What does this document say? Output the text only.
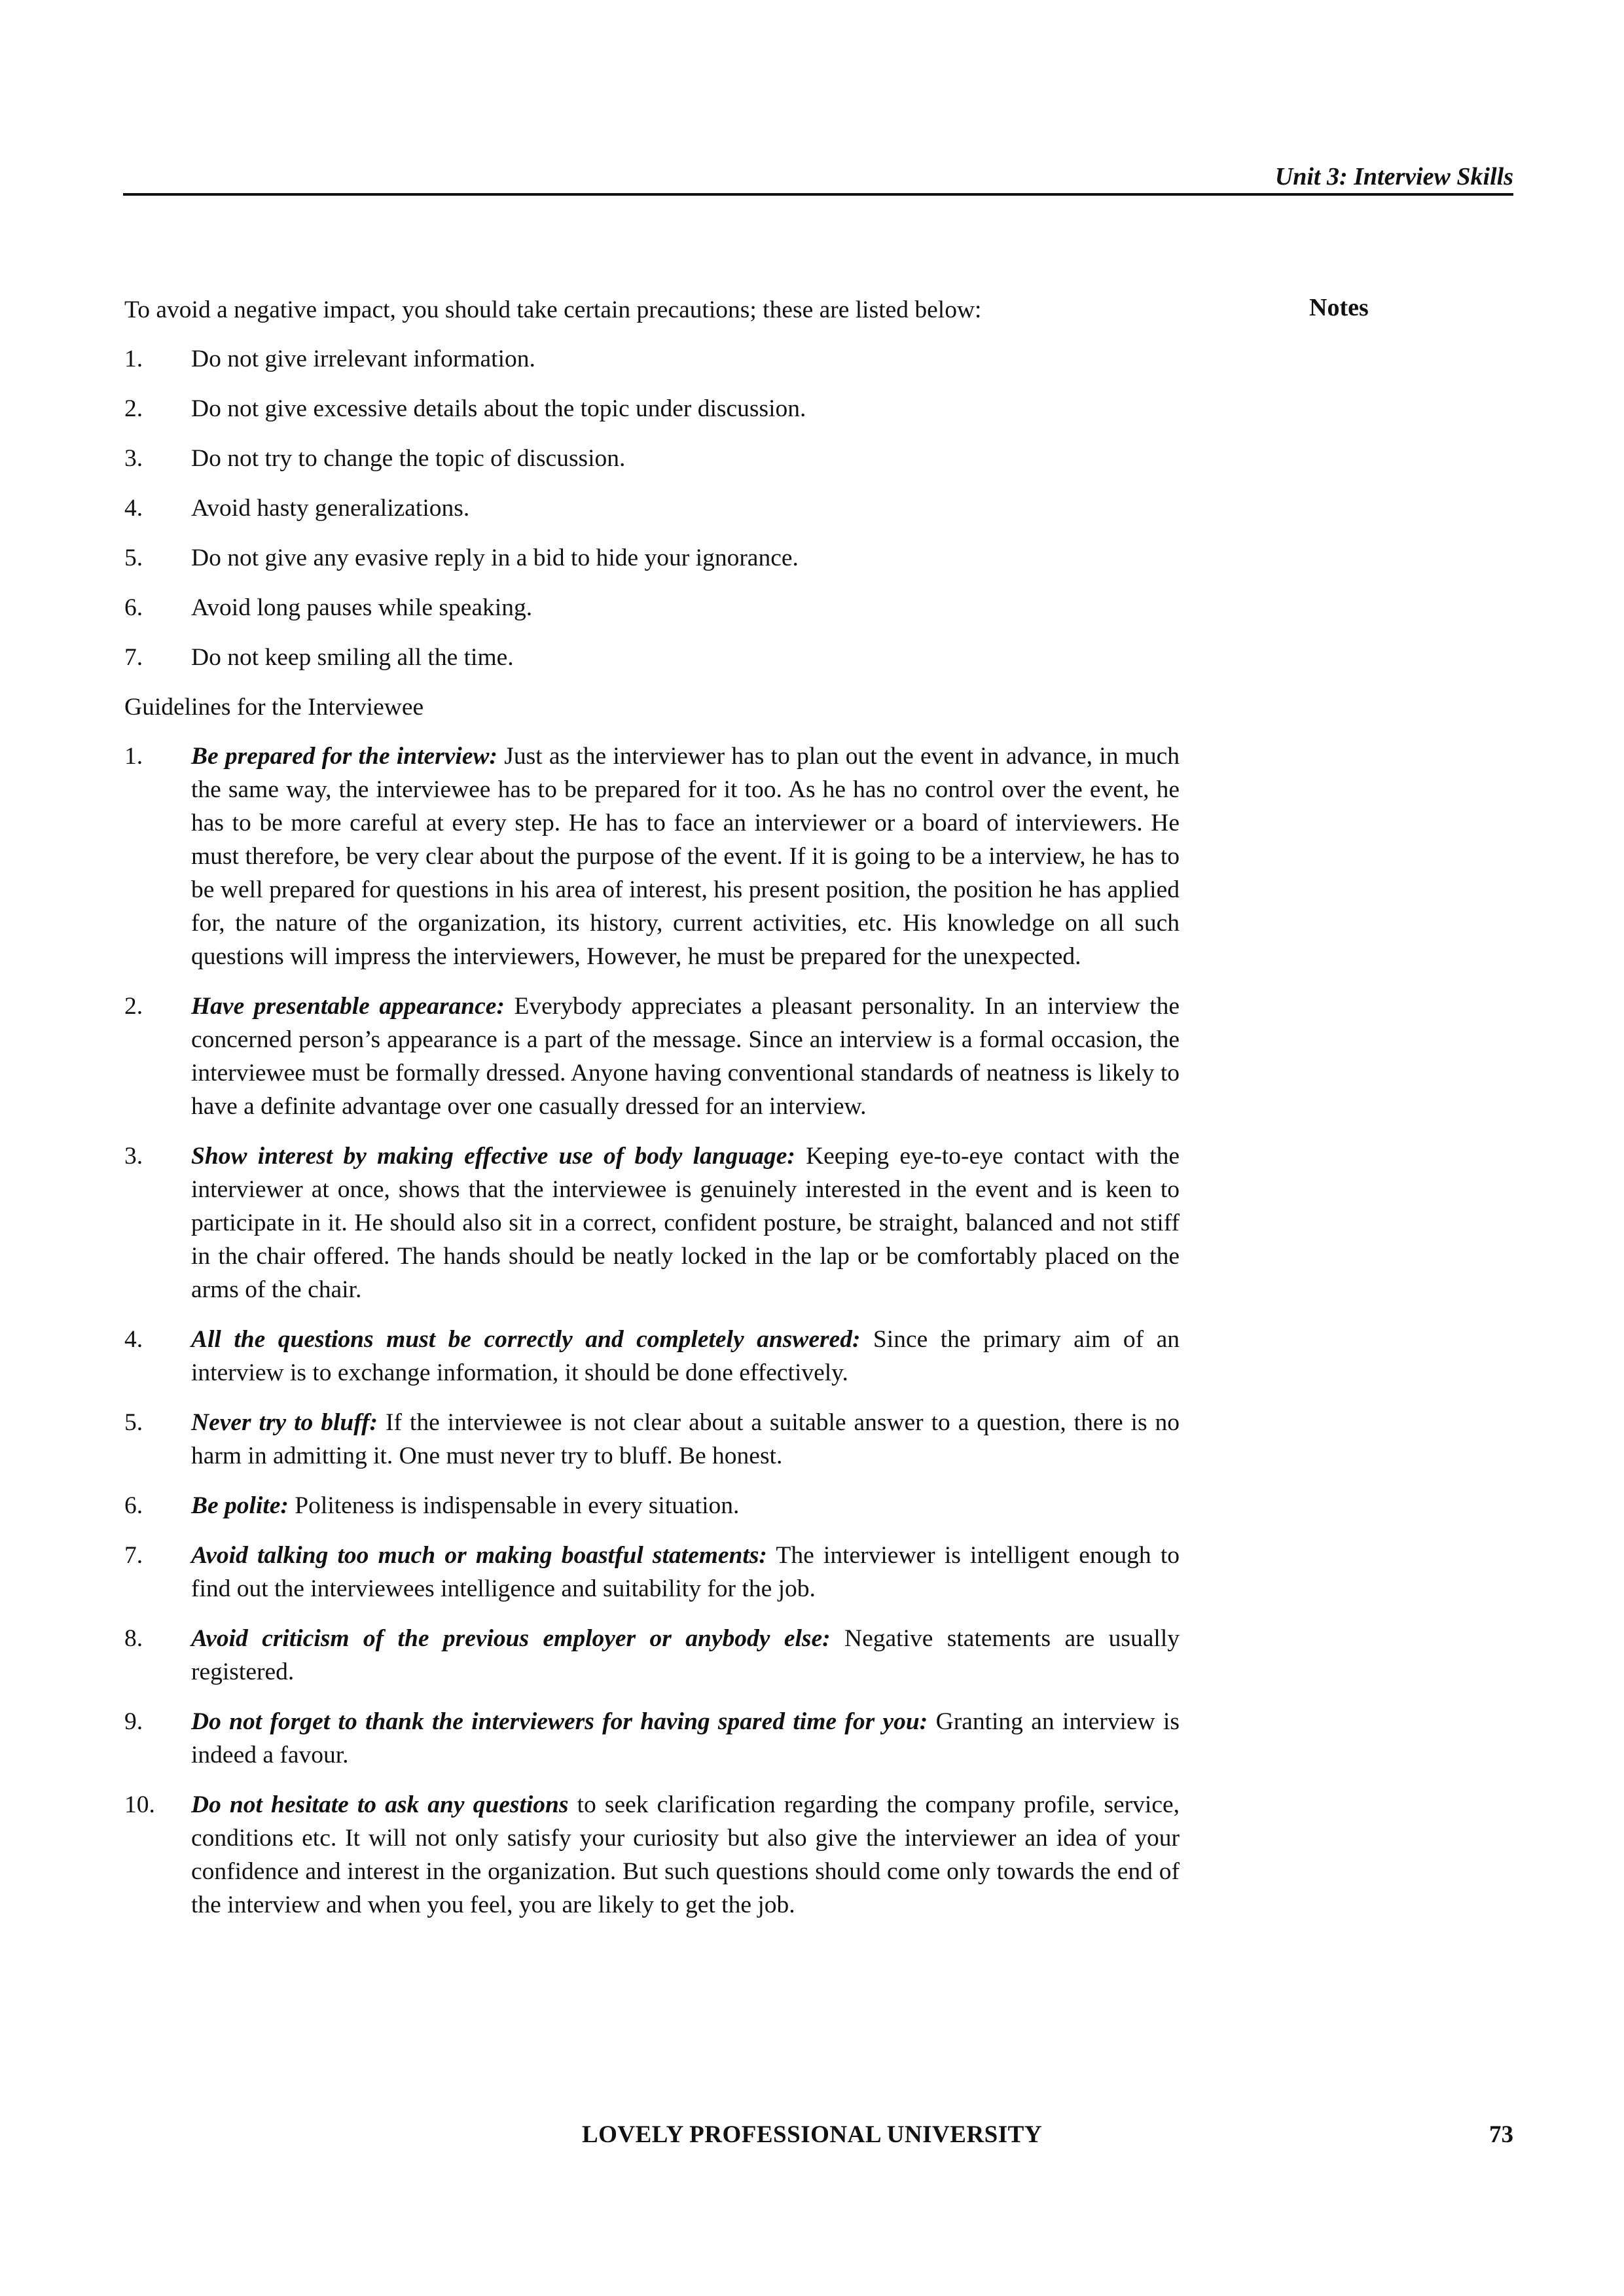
Unit 3: Interview Skills
Notes

To avoid a negative impact, you should take certain precautions; these are listed below:

1. Do not give irrelevant information.
2. Do not give excessive details about the topic under discussion.
3. Do not try to change the topic of discussion.
4. Avoid hasty generalizations.
5. Do not give any evasive reply in a bid to hide your ignorance.
6. Avoid long pauses while speaking.
7. Do not keep smiling all the time.

Guidelines for the Interviewee

1. Be prepared for the interview: Just as the interviewer has to plan out the event in advance, in much the same way, the interviewee has to be prepared for it too. As he has no control over the event, he has to be more careful at every step. He has to face an interviewer or a board of interviewers. He must therefore, be very clear about the purpose of the event. If it is going to be a interview, he has to be well prepared for questions in his area of interest, his present position, the position he has applied for, the nature of the organization, its history, current activities, etc. His knowledge on all such questions will impress the interviewers, However, he must be prepared for the unexpected.
2. Have presentable appearance: Everybody appreciates a pleasant personality. In an interview the concerned person’s appearance is a part of the message. Since an interview is a formal occasion, the interviewee must be formally dressed. Anyone having conventional standards of neatness is likely to have a definite advantage over one casually dressed for an interview.
3. Show interest by making effective use of body language: Keeping eye-to-eye contact with the interviewer at once, shows that the interviewee is genuinely interested in the event and is keen to participate in it. He should also sit in a correct, confident posture, be straight, balanced and not stiff in the chair offered. The hands should be neatly locked in the lap or be comfortably placed on the arms of the chair.
4. All the questions must be correctly and completely answered: Since the primary aim of an interview is to exchange information, it should be done effectively.
5. Never try to bluff: If the interviewee is not clear about a suitable answer to a question, there is no harm in admitting it. One must never try to bluff. Be honest.
6. Be polite: Politeness is indispensable in every situation.
7. Avoid talking too much or making boastful statements: The interviewer is intelligent enough to find out the interviewees intelligence and suitability for the job.
8. Avoid criticism of the previous employer or anybody else: Negative statements are usually registered.
9. Do not forget to thank the interviewers for having spared time for you: Granting an interview is indeed a favour.
10. Do not hesitate to ask any questions to seek clarification regarding the company profile, service, conditions etc. It will not only satisfy your curiosity but also give the interviewer an idea of your confidence and interest in the organization. But such questions should come only towards the end of the interview and when you feel, you are likely to get the job.
LOVELY PROFESSIONAL UNIVERSITY	73
